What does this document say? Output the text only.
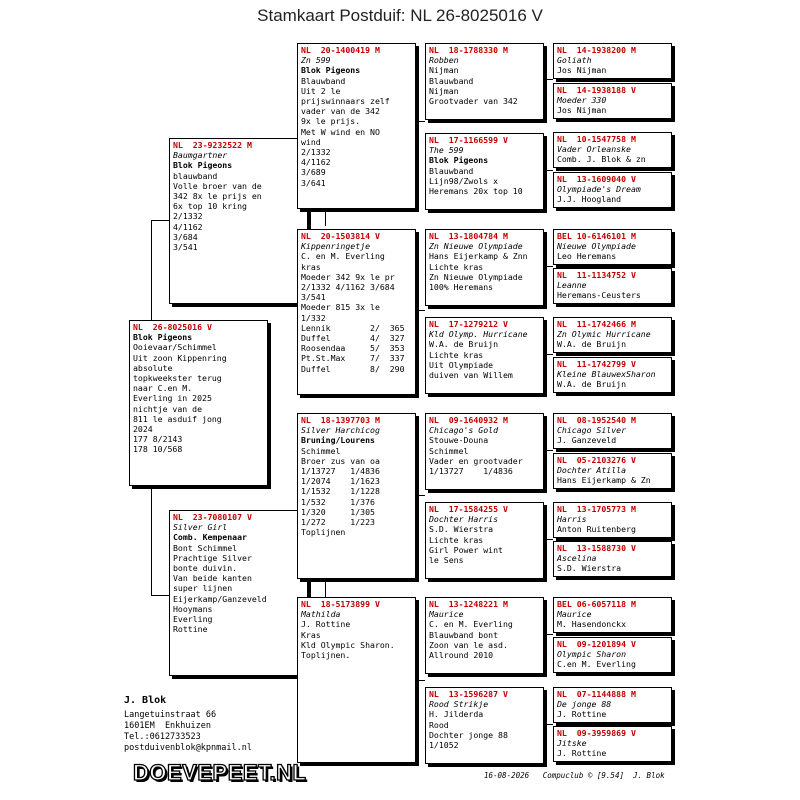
Stamkaart Postduif: NL 26-8025016 V
NL  26-8025016 V
Blok Pigeons
Ooievaar/Schimmel
Uit zoon Kippenring
absolute
topkweekster terug
naar C.en M.
Everling in 2025
nichtje van de
811 le asduif jong
2024
177 8/2143
178 10/568
NL  23-9232522 M
Baumgartner
Blok Pigeons
blauwband
Volle broer van de
342 8x le prijs en
6x top 10 kring
2/1332
4/1162
3/684
3/541
NL  23-7080107 V
Silver Girl
Comb. Kempenaar
Bont Schimmel
Prachtige Silver
bonte duivin.
Van beide kanten
super lijnen
Eijerkamp/Ganzeveld
Hooymans
Everling
Rottine
NL  20-1400419 M
Zn 599
Blok Pigeons
Blauwband
Uit 2 le
prijswinnaars zelf
vader van de 342
9x le prijs.
Met W wind en NO
wind
2/1332
4/1162
3/689
3/641
NL  20-1503814 V
Kippenringetje
C. en M. Everling
kras
Moeder 342 9x le pr
2/1332 4/1162 3/684
3/541
Moeder 815 3x le
1/332
Lennik        2/  365
Duffel        4/  327
Roosendaa     5/  353
Pt.St.Max     7/  337
Duffel        8/  290
NL  18-1397703 M
Silver Harchicog
Bruning/Lourens
Schimmel
Broer zus van oa
1/13727   1/4836
1/2074    1/1623
1/1532    1/1228
1/532     1/376
1/320     1/305
1/272     1/223
Toplijnen
NL  18-5173899 V
Mathilda
J. Rottine
Kras
Kld Olympic Sharon.
Toplijnen.
NL  18-1788330 M
Robben
Nijman
Blauwband
Nijman
Grootvader van 342
NL  17-1166599 V
The 599
Blok Pigeons
Blauwband
Lijn98/Zwols x
Heremans 20x top 10
NL  13-1804784 M
Zn Nieuwe Olympiade
Hans Eijerkamp & Znn
Lichte kras
Zn Nieuwe Olympiade
100% Heremans
NL  17-1279212 V
Kld Olymp. Hurricane
W.A. de Bruijn
Lichte kras
Uit Olympiade
duiven van Willem
NL  09-1640932 M
Chicago's Gold
Stouwe-Douna
Schimmel
Vader en grootvader
1/13727    1/4836
NL  17-1584255 V
Dochter Harris
S.D. Wierstra
Lichte kras
Girl Power wint
le Sens
NL  13-1248221 M
Maurice
C. en M. Everling
Blauwband bont
Zoon van le asd.
Allround 2010
NL  13-1596287 V
Rood Strikje
H. Jilderda
Rood
Dochter jonge 88
1/1052
NL  14-1938200 M
Goliath
Jos Nijman
NL  14-1938188 V
Moeder 330
Jos Nijman
NL  10-1547758 M
Vader Orleanske
Comb. J. Blok & zn
NL  13-1609040 V
Olympiade's Dream
J.J. Hoogland
BEL 10-6146101 M
Nieuwe Olympiade
Leo Heremans
NL  11-1134752 V
Leanne
Heremans-Ceusters
NL  11-1742466 M
Zn Olymic Hurricane
W.A. de Bruijn
NL  11-1742799 V
Kleine BlauwexSharon
W.A. de Bruijn
NL  08-1952540 M
Chicago Silver
J. Ganzeveld
NL  05-2103276 V
Dochter Atilla
Hans Eijerkamp & Zn
NL  13-1705773 M
Harris
Anton Ruitenberg
NL  13-1588730 V
Ascelina
S.D. Wierstra
BEL 06-6057118 M
Maurice
M. Hasendonckx
NL  09-1201894 V
Olympic Sharon
C.en M. Everling
NL  07-1144888 M
De jonge 88
J. Rottine
NL  09-3959869 V
Jitske
J. Rottine
J. Blok
Langetuinstraat 66
1601EM  Enkhuizen
Tel.:0612733523
postduivenblok@kpnmail.nl
DOEVEPEET.NL	16-08-2026   Compuclub © [9.54]  J. Blok
